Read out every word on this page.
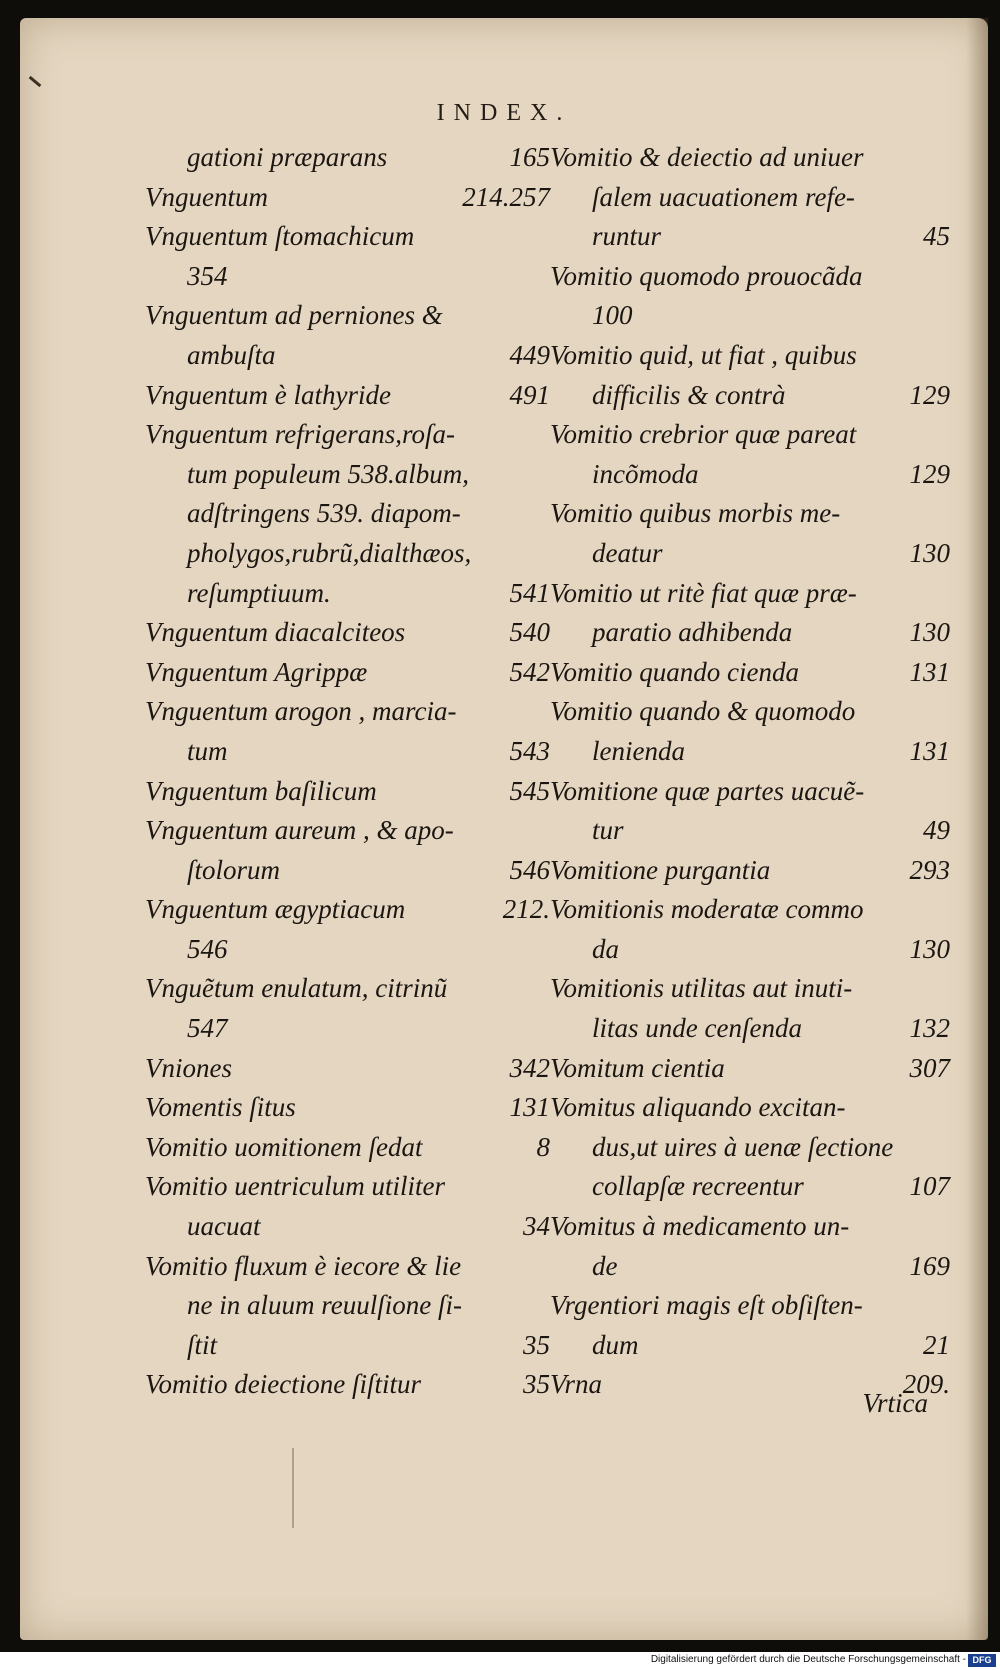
INDEX.
gationi præparans	165
Vnguentum	214.257
Vnguentum ſtomachicum
354
Vnguentum ad perniones &
ambuſta	449
Vnguentum è lathyride	491
Vnguentum refrigerans,roſa-
tum populeum 538.album,
adſtringens 539. diapom-
pholygos,rubrũ,dialthæos,
reſumptiuum.	541
Vnguentum diacalciteos	540
Vnguentum Agrippæ	542
Vnguentum arogon , marcia-
tum	543
Vnguentum baſilicum	545
Vnguentum aureum , & apo-
ſtolorum	546
Vnguentum ægyptiacum	212.
546
Vnguẽtum enulatum, citrinũ
547
Vniones	342
Vomentis ſitus	131
Vomitio uomitionem ſedat	8
Vomitio uentriculum utiliter
uacuat	34
Vomitio fluxum è iecore & lie
ne in aluum reuulſione ſi-
ſtit	35
Vomitio deiectione ſiſtitur	35
Vomitio & deiectio ad uniuer
ſalem uacuationem refe-
runtur	45
Vomitio quomodo prouocãda
100
Vomitio quid, ut fiat , quibus
difficilis & contrà	129
Vomitio crebrior quæ pareat
incõmoda	129
Vomitio quibus morbis me-
deatur	130
Vomitio ut ritè fiat quæ præ-
paratio adhibenda	130
Vomitio quando cienda	131
Vomitio quando & quomodo
lenienda	131
Vomitione quæ partes uacuẽ-
tur	49
Vomitione purgantia	293
Vomitionis moderatæ commo
da	130
Vomitionis utilitas aut inuti-
litas unde cenſenda	132
Vomitum cientia	307
Vomitus aliquando excitan-
dus,ut uires à uenæ ſectione
collapſæ recreentur	107
Vomitus à medicamento un-
de	169
Vrgentiori magis eſt obſiſten-
dum	21
Vrna	209.
Vrtica
Digitalisierung gefördert durch die Deutsche Forschungsgemeinschaft - DFG
